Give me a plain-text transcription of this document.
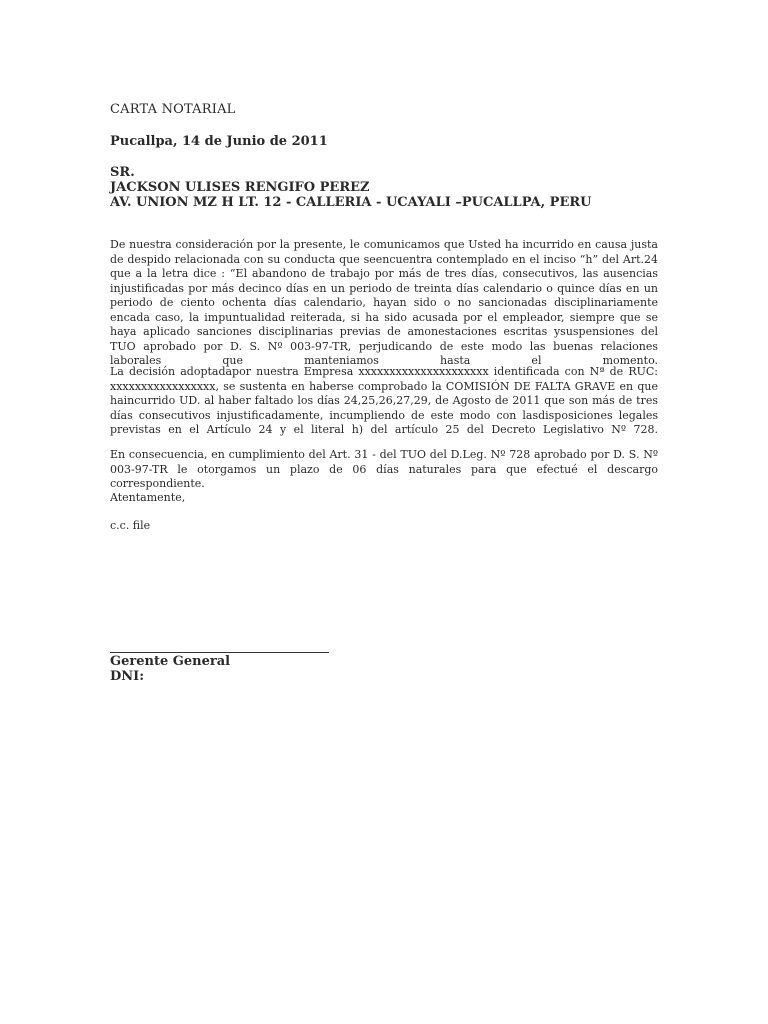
CARTA NOTARIAL
Pucallpa, 14 de Junio de 2011
SR.
JACKSON ULISES RENGIFO PEREZ
AV. UNION MZ H LT. 12 - CALLERIA - UCAYALI –PUCALLPA, PERU

De nuestra consideración por la presente, le comunicamos que Usted ha incurrido en causa justa de despido relacionada con su conducta que seencuentra contemplado en el inciso “h” del Art.24 que a la letra dice : “El abandono de trabajo por más de tres días, consecutivos, las ausencias injustificadas por más decinco días en un periodo de treinta días calendario o quince días en un periodo de ciento ochenta días calendario, hayan sido o no sancionadas disciplinariamente encada caso, la impuntualidad reiterada, si ha sido acusada por el empleador, siempre que se haya aplicado sanciones disciplinarias previas de amonestaciones escritas ysuspensiones del TUO aprobado por D. S. Nº 003-97-TR, perjudicando de este modo las buenas relaciones laborales que manteniamos hasta el momento.

La decisión adoptadapor nuestra Empresa xxxxxxxxxxxxxxxxxxxxx identificada con Nª de RUC: xxxxxxxxxxxxxxxxx, se sustenta en haberse comprobado la COMISIÓN DE FALTA GRAVE en que haincurrido UD. al haber faltado los días 24,25,26,27,29, de Agosto de 2011 que son más de tres días consecutivos injustificadamente, incumpliendo de este modo con lasdisposiciones legales previstas en el Artículo 24 y el literal h) del artículo 25 del Decreto Legislativo Nº 728.

En consecuencia, en cumplimiento del Art. 31 - del TUO del D.Leg. Nº 728 aprobado por D. S. Nº 003-97-TR le otorgamos un plazo de 06 días naturales para que efectué el descargo correspondiente.

Atentamente,
c.c. file
Gerente General
DNI:
